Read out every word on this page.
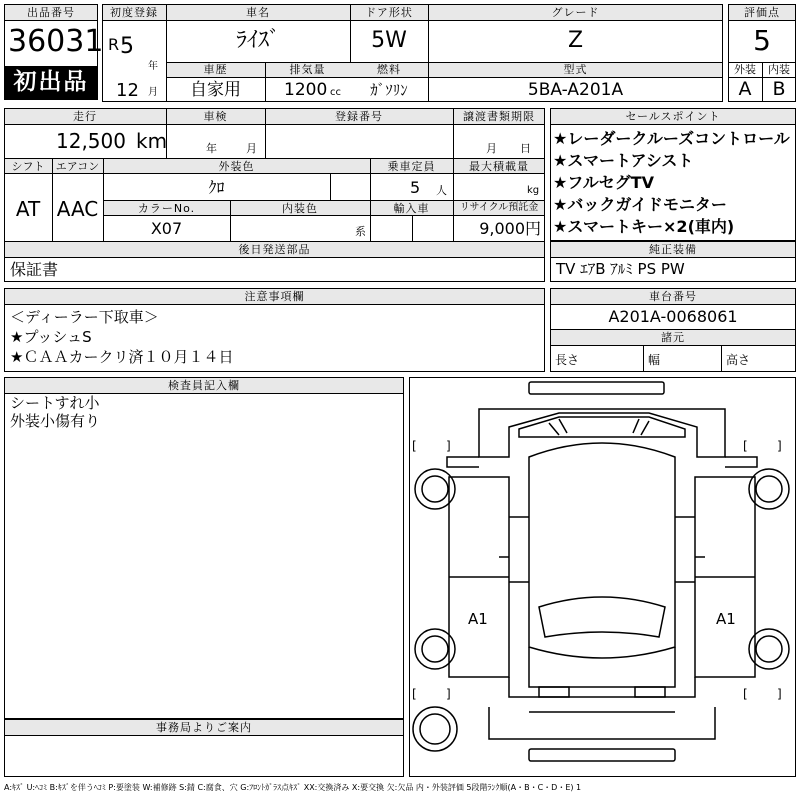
出品番号
36031
初出品
初度登録
R 5
年
12 月
車名
ﾗｲｽﾞ
ドア形状
5W
グレード
Z
車歴
自家用
排気量
1200 cc
燃料
ｶﾞｿﾘﾝ
型式
5BA-A201A
評価点
5
外装	内装
A	B
走行
12,500 km
車検
年	月
登録番号	譲渡書類期限
月 日
シフト
AT
エアコン
AAC
外装色
ｸﾛ
乗車定員
5 人
最大積載量
kg
カラーNo.
X07
内装色
系
輸入車	リサイクル預託金
9,000円
後日発送部品
保証書
セールスポイント
★レーダークルーズコントロール
★スマートアシスト
★フルセグTV
★バックガイドモニター
★スマートキー×2(車内)
純正装備
TV ｴｱB ｱﾙﾐ PS PW
注意事項欄
＜ディーラー下取車＞
★プッシュS
★ＣＡＡカークリ済１０月１４日
車台番号
A201A-0068061
諸元
長さ	幅	高さ
検査員記入欄
シートすれ小
外装小傷有り
事務局よりご案内
[ ]	[ ]
[ ]	[ ]
A1	A1
A:ｷｽﾞ U:ﾍｺﾐ B:ｷｽﾞを伴うﾍｺﾐ P:要塗装 W:補修跡 S:錆 C:腐食、穴 G:ﾌﾛﾝﾄｶﾞﾗｽ点ｷｽﾞ XX:交換済み X:要交換 欠:欠品 内・外装評価 5段階ﾗﾝｸ順(A・B・C・D・E) 1
